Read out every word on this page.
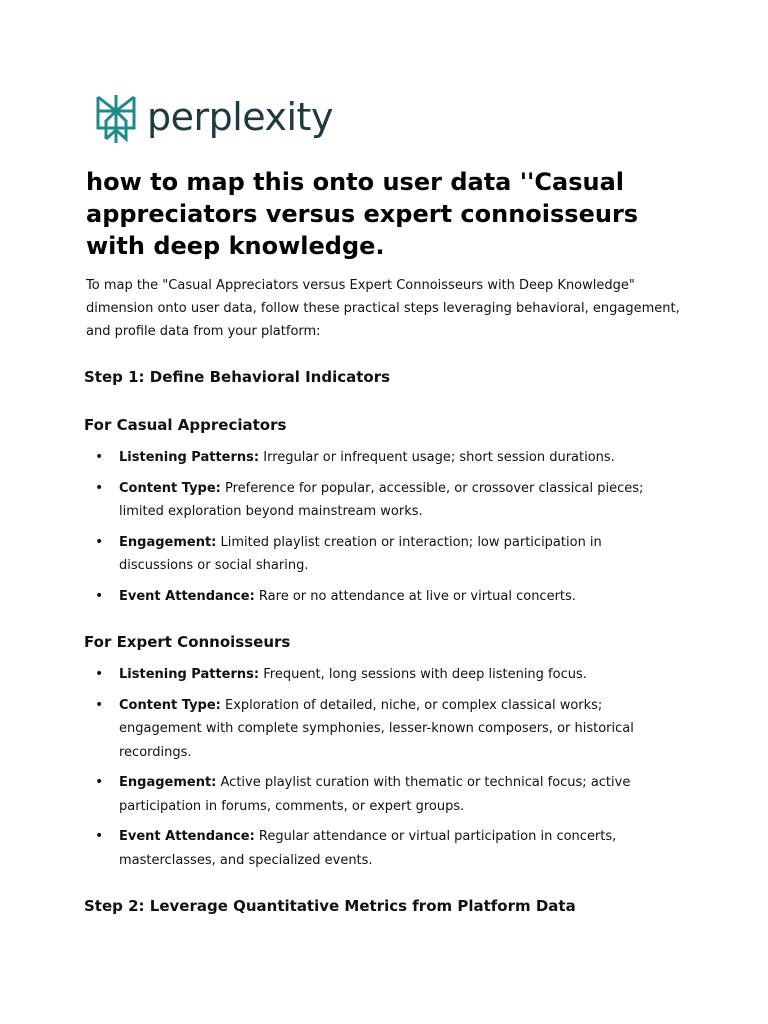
perplexity
how to map this onto user data ''Casual appreciators versus expert connoisseurs with deep knowledge.

To map the "Casual Appreciators versus Expert Connoisseurs with Deep Knowledge" dimension onto user data, follow these practical steps leveraging behavioral, engagement, and profile data from your platform:

Step 1: Define Behavioral Indicators
For Casual Appreciators
• Listening Patterns: Irregular or infrequent usage; short session durations.
• Content Type: Preference for popular, accessible, or crossover classical pieces; limited exploration beyond mainstream works.
• Engagement: Limited playlist creation or interaction; low participation in discussions or social sharing.
• Event Attendance: Rare or no attendance at live or virtual concerts.
For Expert Connoisseurs
• Listening Patterns: Frequent, long sessions with deep listening focus.
• Content Type: Exploration of detailed, niche, or complex classical works; engagement with complete symphonies, lesser-known composers, or historical recordings.
• Engagement: Active playlist curation with thematic or technical focus; active participation in forums, comments, or expert groups.
• Event Attendance: Regular attendance or virtual participation in concerts, masterclasses, and specialized events.
Step 2: Leverage Quantitative Metrics from Platform Data
